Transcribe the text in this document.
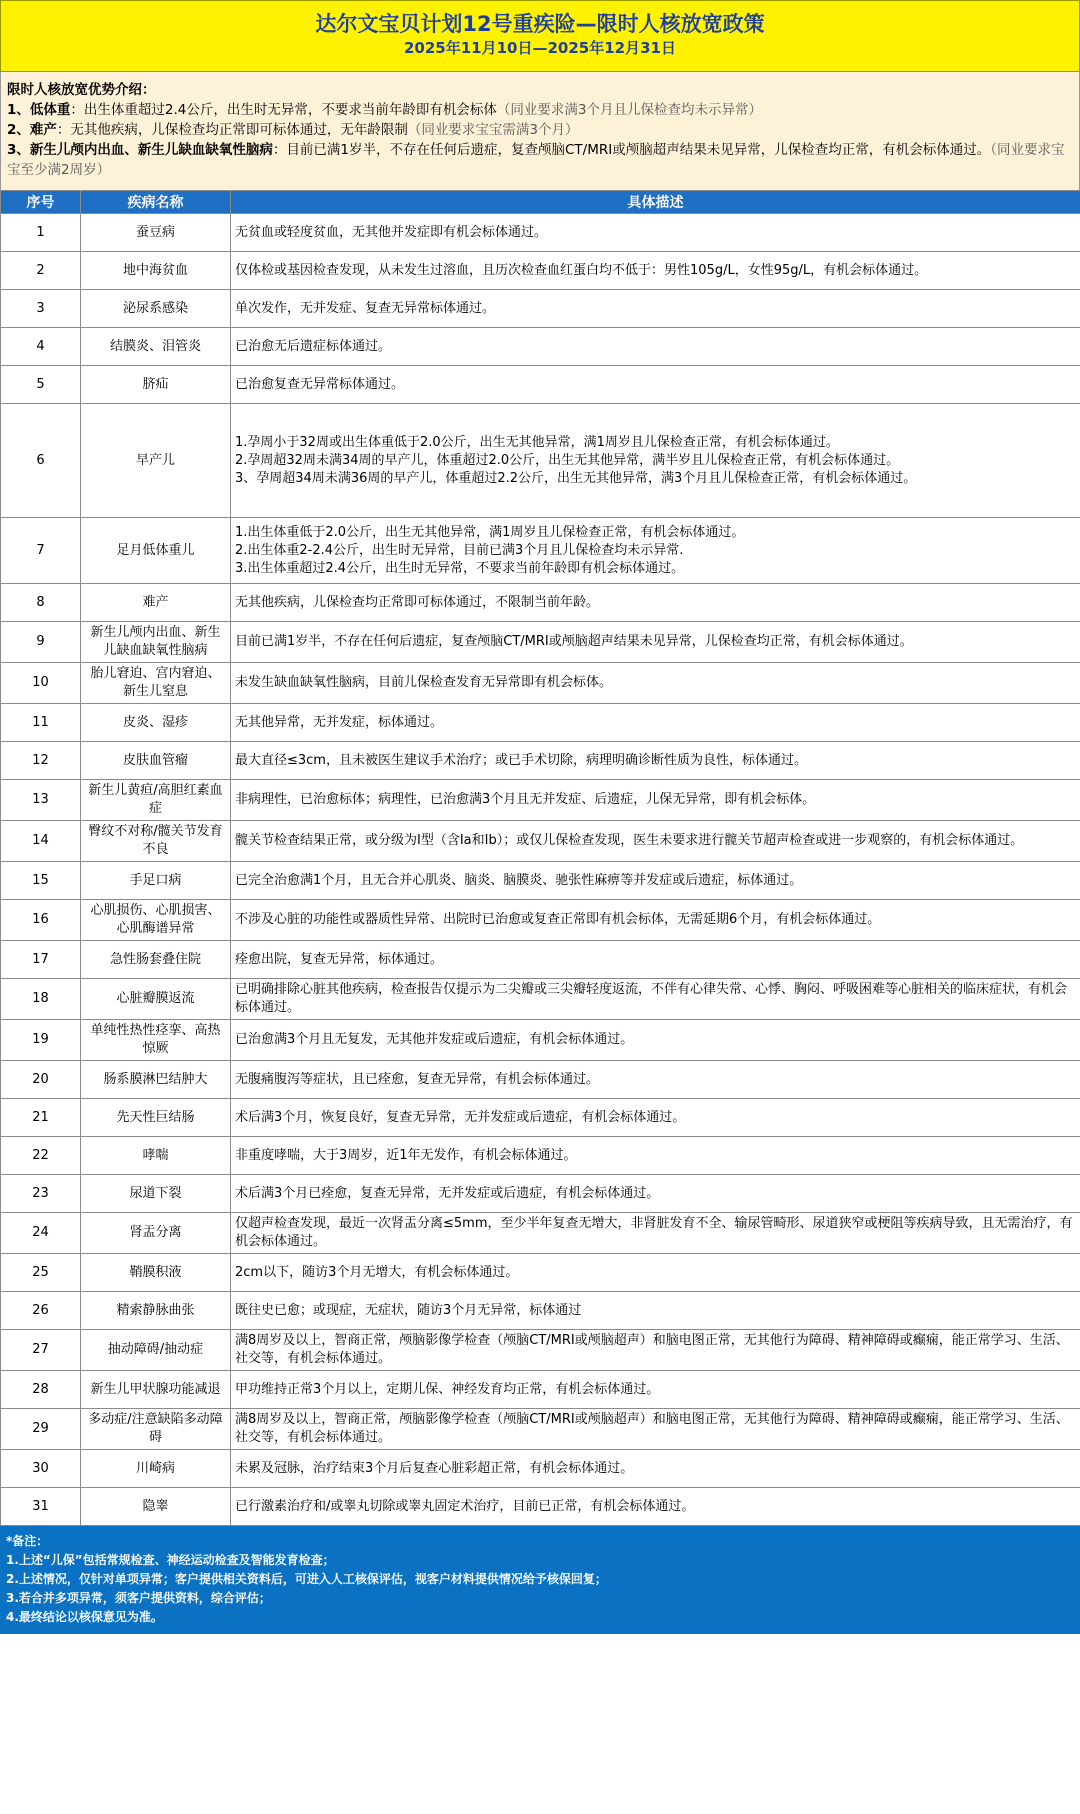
达尔文宝贝计划12号重疾险—限时人核放宽政策
2025年11月10日—2025年12月31日
限时人核放宽优势介绍：
1、低体重：出生体重超过2.4公斤，出生时无异常，不要求当前年龄即有机会标体（同业要求满3个月且儿保检查均未示异常）
2、难产：无其他疾病，儿保检查均正常即可标体通过，无年龄限制（同业要求宝宝需满3个月）
3、新生儿颅内出血、新生儿缺血缺氧性脑病：目前已满1岁半，不存在任何后遗症，复查颅脑CT/MRI或颅脑超声结果未见异常，儿保检查均正常，有机会标体通过。（同业要求宝宝至少满2周岁）
序号	疾病名称	具体描述
1	蚕豆病	无贫血或轻度贫血，无其他并发症即有机会标体通过。

2	地中海贫血	仅体检或基因检查发现，从未发生过溶血，且历次检查血红蛋白均不低于：男性105g/L，女性95g/L，有机会标体通过。

3	泌尿系感染	单次发作，无并发症、复查无异常标体通过。

4	结膜炎、泪管炎	已治愈无后遗症标体通过。

5	脐疝	已治愈复查无异常标体通过。

6	早产儿	1.孕周小于32周或出生体重低于2.0公斤，出生无其他异常，满1周岁且儿保检查正常，有机会标体通过。
2.孕周超32周未满34周的早产儿，体重超过2.0公斤，出生无其他异常，满半岁且儿保检查正常，有机会标体通过。
3、孕周超34周未满36周的早产儿，体重超过2.2公斤，出生无其他异常，满3个月且儿保检查正常，有机会标体通过。

7	足月低体重儿	1.出生体重低于2.0公斤，出生无其他异常，满1周岁且儿保检查正常，有机会标体通过。
2.出生体重2-2.4公斤，出生时无异常，目前已满3个月且儿保检查均未示异常.
3.出生体重超过2.4公斤，出生时无异常，不要求当前年龄即有机会标体通过。

8	难产	无其他疾病，儿保检查均正常即可标体通过，不限制当前年龄。

9	新生儿颅内出血、新生儿缺血缺氧性脑病	目前已满1岁半，不存在任何后遗症，复查颅脑CT/MRI或颅脑超声结果未见异常，儿保检查均正常，有机会标体通过。

10	胎儿窘迫、宫内窘迫、新生儿窒息	未发生缺血缺氧性脑病，目前儿保检查发育无异常即有机会标体。

11	皮炎、湿疹	无其他异常，无并发症，标体通过。

12	皮肤血管瘤	最大直径≤3cm，且未被医生建议手术治疗；或已手术切除，病理明确诊断性质为良性，标体通过。

13	新生儿黄疸/高胆红素血症	非病理性，已治愈标体；病理性，已治愈满3个月且无并发症、后遗症，儿保无异常，即有机会标体。

14	臀纹不对称/髋关节发育不良	髋关节检查结果正常，或分级为I型（含Ia和Ib）；或仅儿保检查发现，医生未要求进行髋关节超声检查或进一步观察的，有机会标体通过。

15	手足口病	已完全治愈满1个月，且无合并心肌炎、脑炎、脑膜炎、驰张性麻痹等并发症或后遗症，标体通过。

16	心肌损伤、心肌损害、心肌酶谱异常	不涉及心脏的功能性或器质性异常、出院时已治愈或复查正常即有机会标体，无需延期6个月，有机会标体通过。

17	急性肠套叠住院	痊愈出院，复查无异常，标体通过。

18	心脏瓣膜返流	已明确排除心脏其他疾病，检查报告仅提示为二尖瓣或三尖瓣轻度返流，不伴有心律失常、心悸、胸闷、呼吸困难等心脏相关的临床症状，有机会标体通过。

19	单纯性热性痉挛、高热惊厥	已治愈满3个月且无复发，无其他并发症或后遗症，有机会标体通过。

20	肠系膜淋巴结肿大	无腹痛腹泻等症状，且已痊愈，复查无异常，有机会标体通过。

21	先天性巨结肠	术后满3个月，恢复良好，复查无异常，无并发症或后遗症，有机会标体通过。

22	哮喘	非重度哮喘，大于3周岁，近1年无发作，有机会标体通过。

23	尿道下裂	术后满3个月已痊愈，复查无异常，无并发症或后遗症，有机会标体通过。

24	肾盂分离	仅超声检查发现，最近一次肾盂分离≤5mm，至少半年复查无增大，非肾脏发育不全、输尿管畸形、尿道狭窄或梗阻等疾病导致，且无需治疗，有机会标体通过。

25	鞘膜积液	2cm以下，随访3个月无增大，有机会标体通过。

26	精索静脉曲张	既往史已愈；或现症，无症状，随访3个月无异常，标体通过

27	抽动障碍/抽动症	满8周岁及以上，智商正常，颅脑影像学检查（颅脑CT/MRI或颅脑超声）和脑电图正常，无其他行为障碍、精神障碍或癫痫，能正常学习、生活、社交等，有机会标体通过。

28	新生儿甲状腺功能减退	甲功维持正常3个月以上，定期儿保、神经发育均正常，有机会标体通过。

29	多动症/注意缺陷多动障碍	满8周岁及以上，智商正常，颅脑影像学检查（颅脑CT/MRI或颅脑超声）和脑电图正常，无其他行为障碍、精神障碍或癫痫，能正常学习、生活、社交等，有机会标体通过。

30	川崎病	未累及冠脉，治疗结束3个月后复查心脏彩超正常，有机会标体通过。

31	隐睾	已行激素治疗和/或睾丸切除或睾丸固定术治疗，目前已正常，有机会标体通过。
*备注：
1.上述“儿保”包括常规检查、神经运动检查及智能发育检查；
2.上述情况，仅针对单项异常；客户提供相关资料后，可进入人工核保评估，视客户材料提供情况给予核保回复；
3.若合并多项异常，须客户提供资料，综合评估；
4.最终结论以核保意见为准。
